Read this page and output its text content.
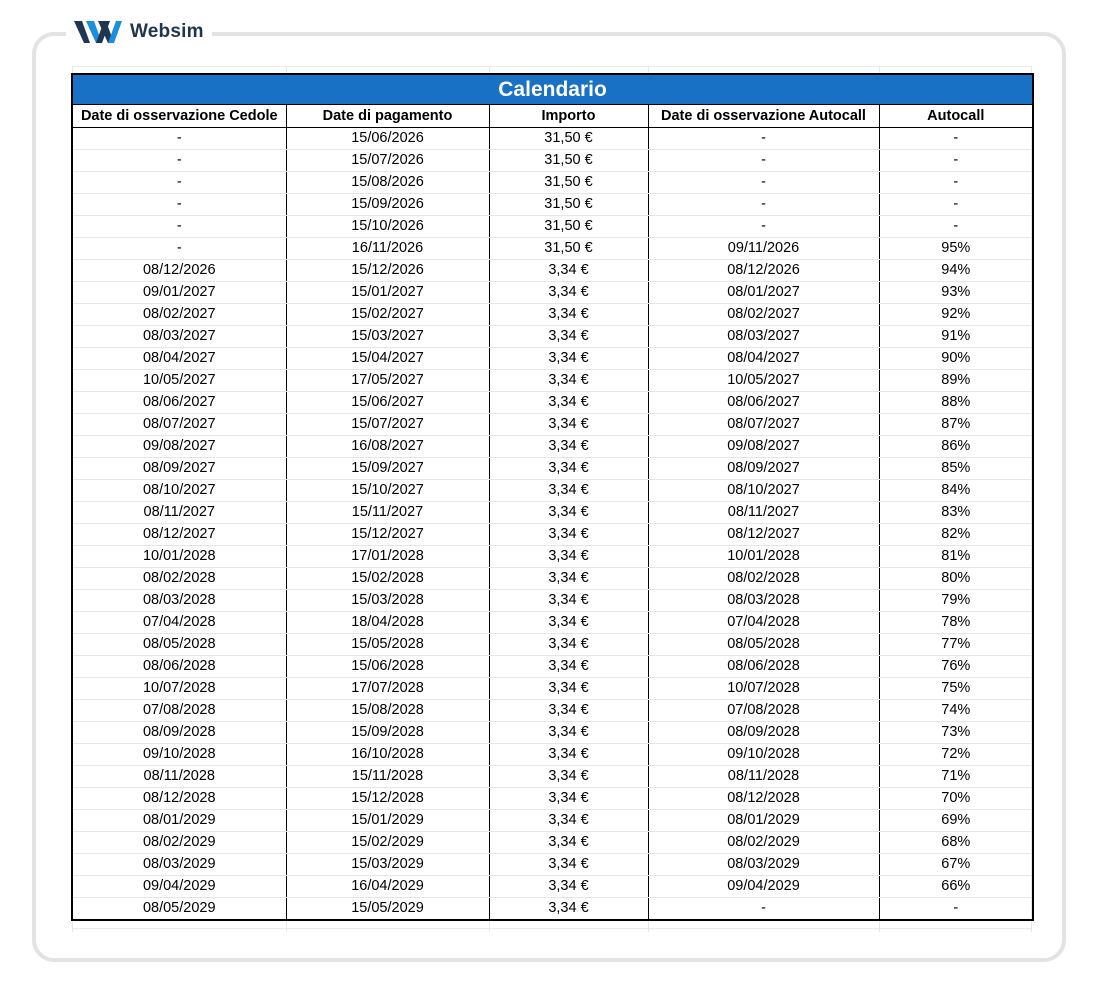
Websim
Calendario				
Date di osservazione Cedole	Date di pagamento	Importo	Date di osservazione Autocall	Autocall
-	15/06/2026	31,50 €	-	-
-	15/07/2026	31,50 €	-	-
-	15/08/2026	31,50 €	-	-
-	15/09/2026	31,50 €	-	-
-	15/10/2026	31,50 €	-	-
-	16/11/2026	31,50 €	09/11/2026	95%
08/12/2026	15/12/2026	3,34 €	08/12/2026	94%
09/01/2027	15/01/2027	3,34 €	08/01/2027	93%
08/02/2027	15/02/2027	3,34 €	08/02/2027	92%
08/03/2027	15/03/2027	3,34 €	08/03/2027	91%
08/04/2027	15/04/2027	3,34 €	08/04/2027	90%
10/05/2027	17/05/2027	3,34 €	10/05/2027	89%
08/06/2027	15/06/2027	3,34 €	08/06/2027	88%
08/07/2027	15/07/2027	3,34 €	08/07/2027	87%
09/08/2027	16/08/2027	3,34 €	09/08/2027	86%
08/09/2027	15/09/2027	3,34 €	08/09/2027	85%
08/10/2027	15/10/2027	3,34 €	08/10/2027	84%
08/11/2027	15/11/2027	3,34 €	08/11/2027	83%
08/12/2027	15/12/2027	3,34 €	08/12/2027	82%
10/01/2028	17/01/2028	3,34 €	10/01/2028	81%
08/02/2028	15/02/2028	3,34 €	08/02/2028	80%
08/03/2028	15/03/2028	3,34 €	08/03/2028	79%
07/04/2028	18/04/2028	3,34 €	07/04/2028	78%
08/05/2028	15/05/2028	3,34 €	08/05/2028	77%
08/06/2028	15/06/2028	3,34 €	08/06/2028	76%
10/07/2028	17/07/2028	3,34 €	10/07/2028	75%
07/08/2028	15/08/2028	3,34 €	07/08/2028	74%
08/09/2028	15/09/2028	3,34 €	08/09/2028	73%
09/10/2028	16/10/2028	3,34 €	09/10/2028	72%
08/11/2028	15/11/2028	3,34 €	08/11/2028	71%
08/12/2028	15/12/2028	3,34 €	08/12/2028	70%
08/01/2029	15/01/2029	3,34 €	08/01/2029	69%
08/02/2029	15/02/2029	3,34 €	08/02/2029	68%
08/03/2029	15/03/2029	3,34 €	08/03/2029	67%
09/04/2029	16/04/2029	3,34 €	09/04/2029	66%
08/05/2029	15/05/2029	3,34 €	-	-
